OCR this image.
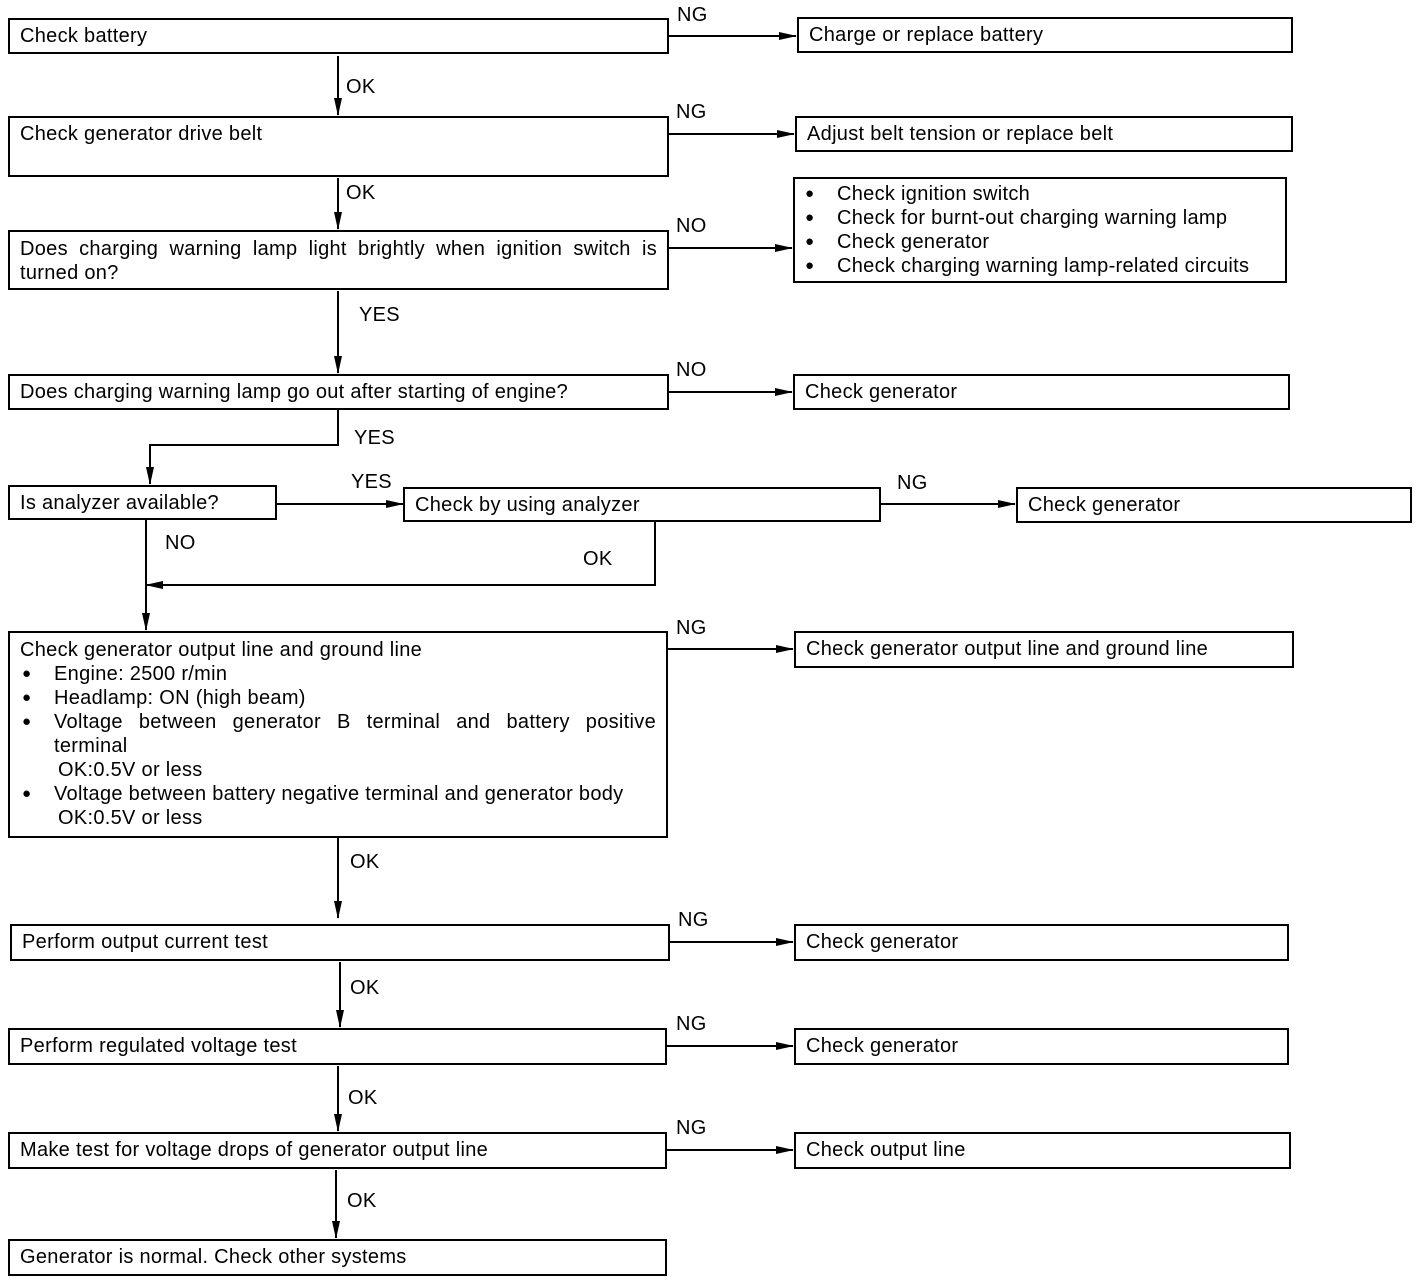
Check battery
Check generator drive belt
Does charging warning lamp light brightly when ignition switch is turned on?
Does charging warning lamp go out after starting of engine?
Is analyzer available?	Check by using analyzer
Check generator output line and ground line
● Engine: 2500 r/min
● Headlamp: ON (high beam)
● Voltage between generator B terminal and battery positive terminal
OK:0.5V or less
● Voltage between battery negative terminal and generator body
OK:0.5V or less
Perform output current test
Perform regulated voltage test
Make test for voltage drops of generator output line
Generator is normal. Check other systems
Charge or replace battery
Adjust belt tension or replace belt
● Check ignition switch
● Check for burnt-out charging warning lamp
● Check generator
● Check charging warning lamp-related circuits
Check generator
Check generator
Check generator output line and ground line
Check generator
Check generator
Check output line
NG
OK
NG
OK
NO
YES
NO
YES
YES	NG
NO
OK
NG
OK
NG
OK
NG
OK
NG
OK
